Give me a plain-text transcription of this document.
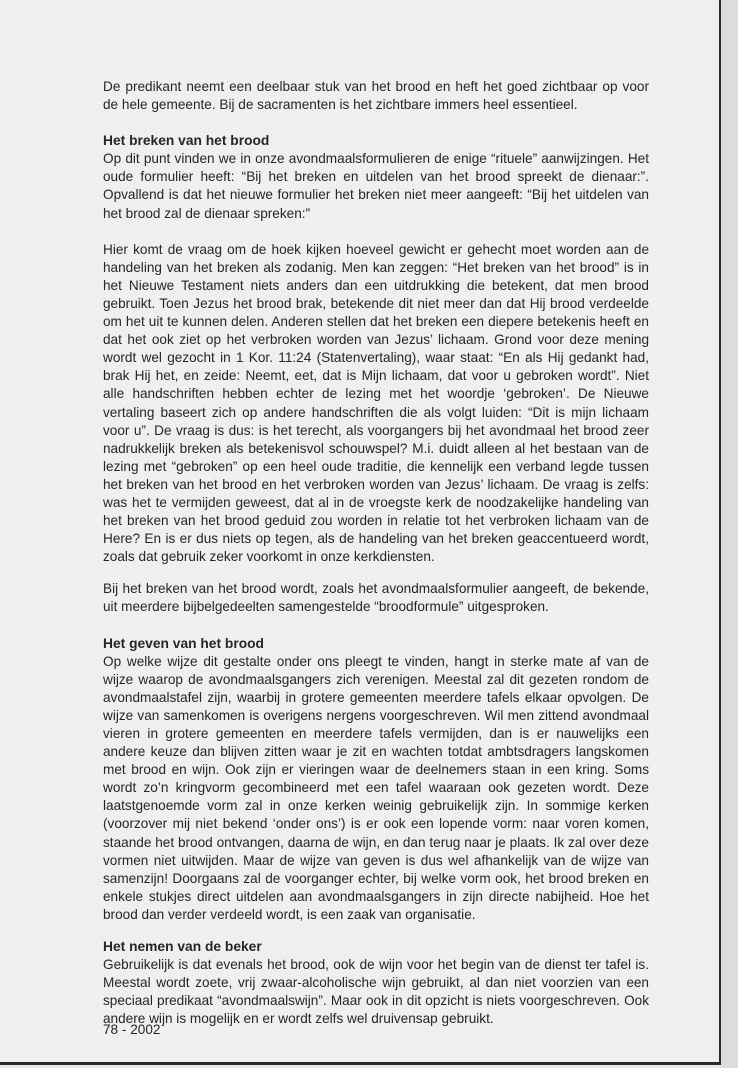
De predikant neemt een deelbaar stuk van het brood en heft het goed zichtbaar op voor de hele gemeente. Bij de sacramenten is het zichtbare immers heel essentieel.

Het breken van het brood

Op dit punt vinden we in onze avondmaalsformulieren de enige “rituele” aanwijzingen. Het oude formulier heeft: “Bij het breken en uitdelen van het brood spreekt de dienaar:”. Opvallend is dat het nieuwe formulier het breken niet meer aangeeft: “Bij het uitdelen van het brood zal de dienaar spreken:”

Hier komt de vraag om de hoek kijken hoeveel gewicht er gehecht moet worden aan de handeling van het breken als zodanig. Men kan zeggen: “Het breken van het brood” is in het Nieuwe Testament niets anders dan een uitdrukking die betekent, dat men brood gebruikt. Toen Jezus het brood brak, betekende dit niet meer dan dat Hij brood verdeelde om het uit te kunnen delen. Anderen stellen dat het breken een diepere betekenis heeft en dat het ook ziet op het verbroken worden van Jezus’ lichaam. Grond voor deze mening wordt wel gezocht in 1 Kor. 11:24 (Statenvertaling), waar staat: “En als Hij gedankt had, brak Hij het, en zeide: Neemt, eet, dat is Mijn lichaam, dat voor u gebroken wordt”. Niet alle handschriften hebben echter de lezing met het woordje ‘gebroken’. De Nieuwe vertaling baseert zich op andere handschriften die als volgt luiden: “Dit is mijn lichaam voor u”. De vraag is dus: is het terecht, als voorgangers bij het avondmaal het brood zeer nadrukkelijk breken als betekenisvol schouwspel? M.i. duidt alleen al het bestaan van de lezing met “gebroken” op een heel oude traditie, die kennelijk een verband legde tussen het breken van het brood en het verbroken worden van Jezus’ lichaam. De vraag is zelfs: was het te vermijden geweest, dat al in de vroegste kerk de noodzakelijke handeling van het breken van het brood geduid zou worden in relatie tot het verbroken lichaam van de Here? En is er dus niets op tegen, als de handeling van het breken geaccentueerd wordt, zoals dat gebruik zeker voorkomt in onze kerkdiensten.

Bij het breken van het brood wordt, zoals het avondmaalsformulier aangeeft, de bekende, uit meerdere bijbelgedeelten samengestelde “broodformule” uitgesproken.

Het geven van het brood

Op welke wijze dit gestalte onder ons pleegt te vinden, hangt in sterke mate af van de wijze waarop de avondmaalsgangers zich verenigen. Meestal zal dit gezeten rondom de avondmaalstafel zijn, waarbij in grotere gemeenten meerdere tafels elkaar opvolgen. De wijze van samenkomen is overigens nergens voorgeschreven. Wil men zittend avondmaal vieren in grotere gemeenten en meerdere tafels vermijden, dan is er nauwelijks een andere keuze dan blijven zitten waar je zit en wachten totdat ambtsdragers langskomen met brood en wijn. Ook zijn er vieringen waar de deelnemers staan in een kring. Soms wordt zo’n kringvorm gecombineerd met een tafel waaraan ook gezeten wordt. Deze laatstgenoemde vorm zal in onze kerken weinig gebruikelijk zijn. In sommige kerken (voorzover mij niet bekend ‘onder ons’) is er ook een lopende vorm: naar voren komen, staande het brood ontvangen, daarna de wijn, en dan terug naar je plaats. Ik zal over deze vormen niet uitwijden. Maar de wijze van geven is dus wel afhankelijk van de wijze van samenzijn! Doorgaans zal de voorganger echter, bij welke vorm ook, het brood breken en enkele stukjes direct uitdelen aan avondmaalsgangers in zijn directe nabijheid. Hoe het brood dan verder verdeeld wordt, is een zaak van organisatie.

Het nemen van de beker

Gebruikelijk is dat evenals het brood, ook de wijn voor het begin van de dienst ter tafel is. Meestal wordt zoete, vrij zwaar-alcoholische wijn gebruikt, al dan niet voorzien van een speciaal predikaat “avondmaalswijn”. Maar ook in dit opzicht is niets voorgeschreven. Ook andere wijn is mogelijk en er wordt zelfs wel druivensap gebruikt.

78 - 2002
